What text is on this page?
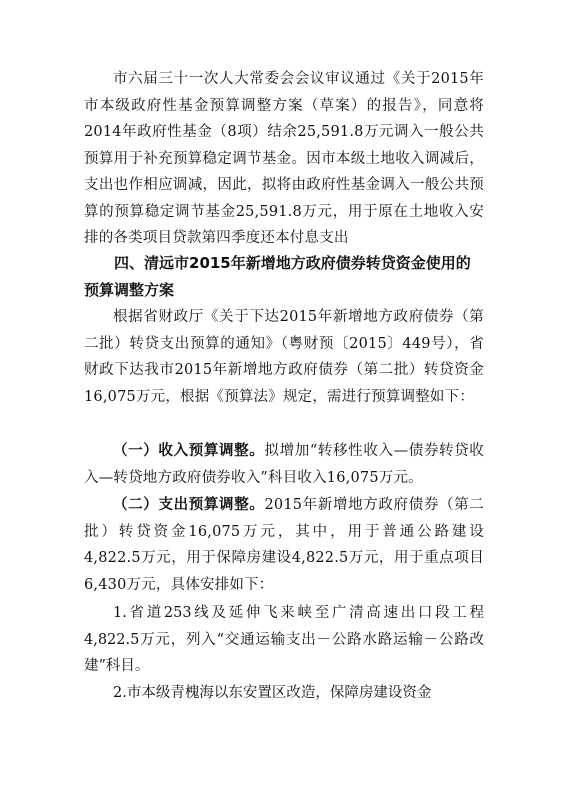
市六届三十一次人大常委会会议审议通过《关于2015年市本级政府性基金预算调整方案（草案）的报告》，同意将2014年政府性基金（8项）结余25,591.8万元调入一般公共预算用于补充预算稳定调节基金。因市本级土地收入调减后，支出也作相应调减，因此，拟将由政府性基金调入一般公共预算的预算稳定调节基金25,591.8万元，用于原在土地收入安排的各类项目贷款第四季度还本付息支出

四、清远市2015年新增地方政府债券转贷资金使用的预算调整方案

根据省财政厅《关于下达2015年新增地方政府债券（第二批）转贷支出预算的通知》（粤财预〔2015〕449号），省财政下达我市2015年新增地方政府债券（第二批）转贷资金16,075万元，根据《预算法》规定，需进行预算调整如下：

（一）收入预算调整。拟增加“转移性收入—债券转贷收入—转贷地方政府债券收入”科目收入16,075万元。

（二）支出预算调整。2015年新增地方政府债券（第二批）转贷资金16,075万元，其中，用于普通公路建设4,822.5万元，用于保障房建设4,822.5万元，用于重点项目6,430万元，具体安排如下：

1.省道253线及延伸飞来峡至广清高速出口段工程4,822.5万元，列入“交通运输支出－公路水路运输－公路改建”科目。

2.市本级青槐海以东安置区改造，保障房建设资金
